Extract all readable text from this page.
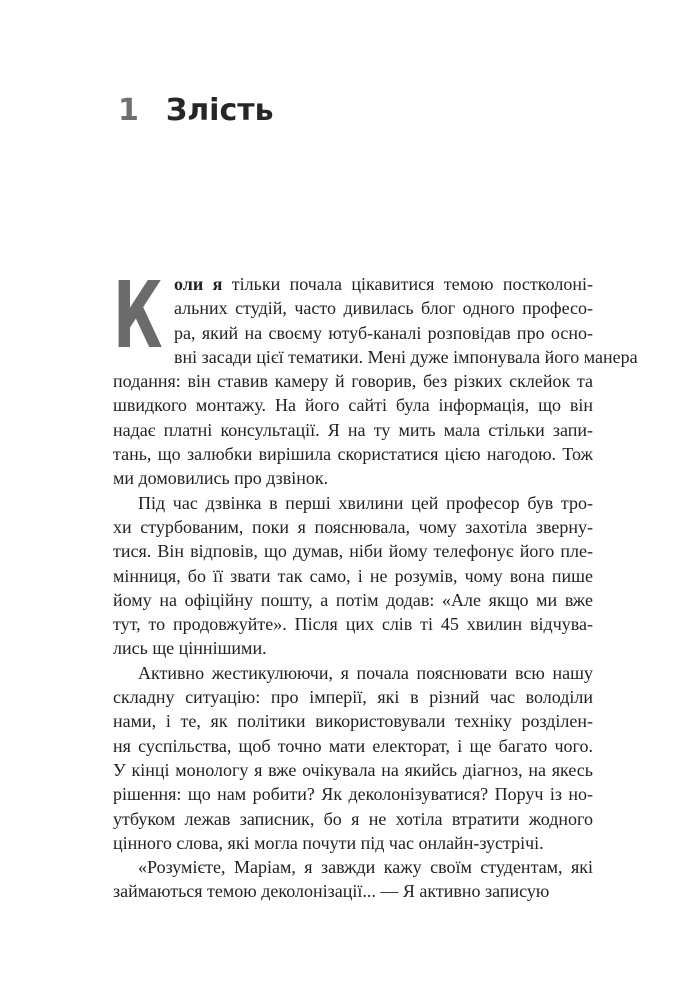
1 Злість
К оли я тільки почала цікавитися темою постколоні-
альних студій, часто дивилась блог одного професо-
ра, який на своєму ютуб-каналі розповідав про осно-
вні засади цієї тематики. Мені дуже імпонувала його манера
подання: він ставив камеру й говорив, без різких склейок та
швидкого монтажу. На його сайті була інформація, що він
надає платні консультації. Я на ту мить мала стільки запи-
тань, що залюбки вирішила скористатися цією нагодою. Тож
ми домовились про дзвінок.
Під час дзвінка в перші хвилини цей професор був тро-
хи стурбованим, поки я пояснювала, чому захотіла зверну-
тися. Він відповів, що думав, ніби йому телефонує його пле-
мінниця, бо її звати так само, і не розумів, чому вона пише
йому на офіційну пошту, а потім додав: «Але якщо ми вже
тут, то продовжуйте». Після цих слів ті 45 хвилин відчува-
лись ще ціннішими.
Активно жестикулюючи, я почала пояснювати всю нашу
складну ситуацію: про імперії, які в різний час володіли
нами, і те, як політики використовували техніку розділен-
ня суспільства, щоб точно мати електорат, і ще багато чого.
У кінці монологу я вже очікувала на якийсь діагноз, на якесь
рішення: що нам робити? Як деколонізуватися? Поруч із но-
утбуком лежав записник, бо я не хотіла втратити жодного
цінного слова, які могла почути під час онлайн-зустрічі.
«Розумієте, Маріам, я завжди кажу своїм студентам, які
займаються темою деколонізації... — Я активно записую
